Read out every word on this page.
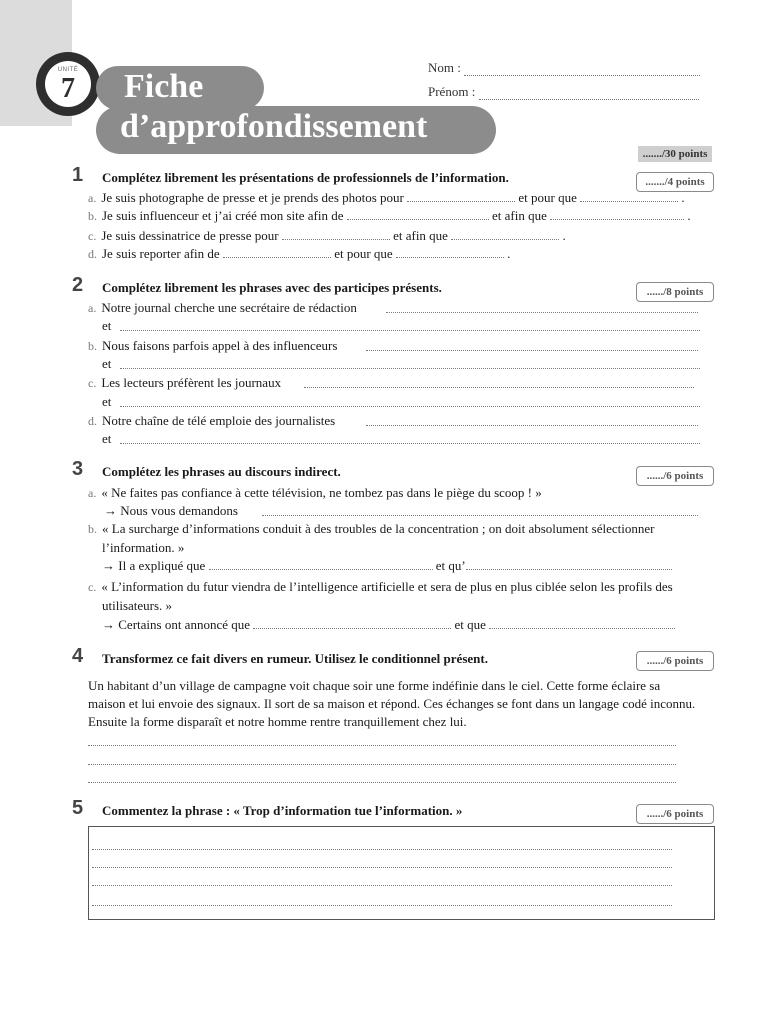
UNITÉ
7	Fiche
d’approfondissement
Nom :
Prénom :
......./30 points
1 Complétez librement les présentations de professionnels de l’information.	......./4 points
a. Je suis photographe de presse et je prends des photos pour	et pour que	.
b. Je suis influenceur et j’ai créé mon site afin de	et afin que	.
c. Je suis dessinatrice de presse pour	et afin que	.
d. Je suis reporter afin de	et pour que	.
2 Complétez librement les phrases avec des participes présents.	....../8 points
a. Notre journal cherche une secrétaire de rédaction
et
b. Nous faisons parfois appel à des influenceurs
et
c. Les lecteurs préfèrent les journaux
et
d. Notre chaîne de télé emploie des journalistes
et
3 Complétez les phrases au discours indirect.	....../6 points
a. « Ne faites pas confiance à cette télévision, ne tombez pas dans le piège du scoop ! »
→ Nous vous demandons
b. « La surcharge d’informations conduit à des troubles de la concentration ; on doit absolument sélectionner
l’information. »
→ Il a expliqué que	et qu’
c. « L’information du futur viendra de l’intelligence artificielle et sera de plus en plus ciblée selon les profils des
utilisateurs. »
→ Certains ont annoncé que	et que
4 Transformez ce fait divers en rumeur. Utilisez le conditionnel présent.	....../6 points
Un habitant d’un village de campagne voit chaque soir une forme indéfinie dans le ciel. Cette forme éclaire sa maison et lui envoie des signaux. Il sort de sa maison et répond. Ces échanges se font dans un langage codé inconnu. Ensuite la forme disparaît et notre homme rentre tranquillement chez lui.
5 Commentez la phrase : « Trop d’information tue l’information. »	....../6 points
